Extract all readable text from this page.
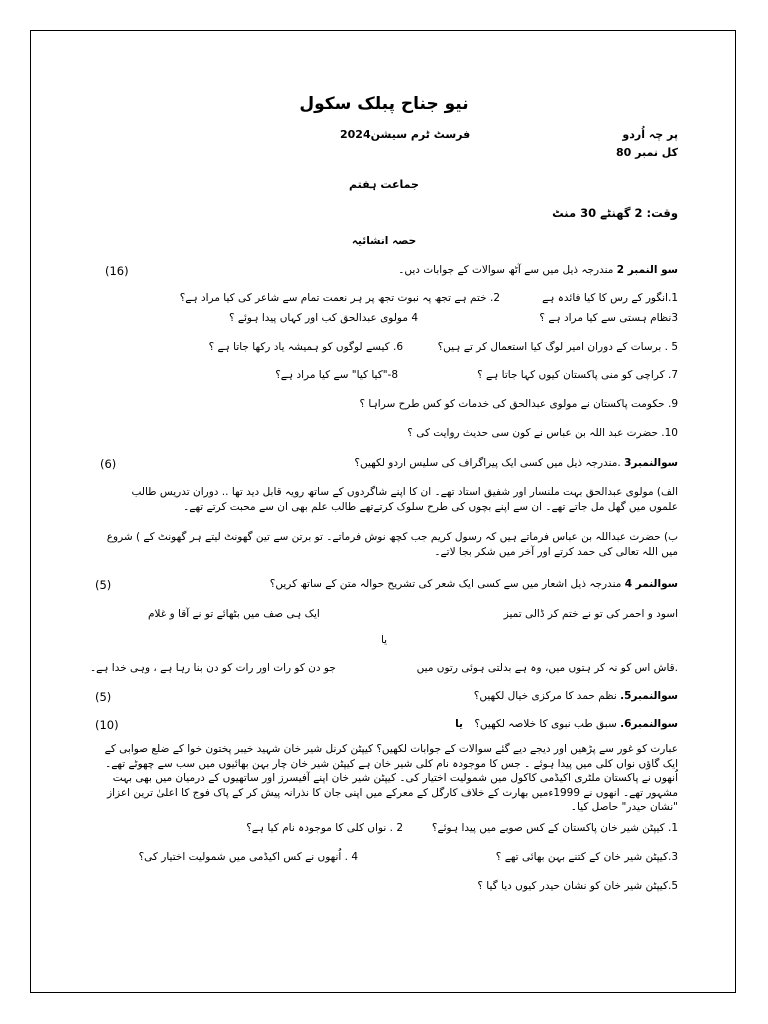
نیو جناح پبلک سکول
پر چہ اُردو
فرسٹ ٹرم سیشن2024
کل نمبر 80
جماعت ہفتم
وقت: 2 گھنٹے 30 منٹ
حصہ انشائیہ
سو النمبر 2 مندرجہ ذیل میں سے آٹھ سوالات کے جوابات دیں۔
(16)
1.انگور کے رس کا کیا فائدہ ہے
2. ختم ہے تجھ پہ نبوت تجھ پر ہر نعمت تمام سے شاعر کی کیا مراد ہے؟
3نظام ہستی سے کیا مراد ہے ؟
4 مولوی عبدالحق کب اور کہاں پیدا ہوئے ؟
5 . برسات کے دوران امیر لوگ کیا استعمال کر تے ہیں؟
6. کیسے لوگوں کو ہمیشہ یاد رکھا جاتا ہے ؟
7. کراچی کو منی پاکستان کیوں کہا جاتا ہے ؟
8-"کیا کیا" سے کیا مراد ہے؟
9. حکومت پاکستان نے مولوی عبدالحق کی خدمات کو کس طرح سراہا ؟
10. حضرت عبد اللہ بن عباس نے کون سی حدیث روایت کی ؟
سوالنمبر3 .مندرجہ ذیل میں کسی ایک پیراگراف کی سلیس اردو لکھیں؟
(6)
الف) مولوی عبدالحق بہت ملنسار اور شفیق استاد تھے۔ ان کا اپنے شاگردوں کے ساتھ رویہ قابل دید تھا .. دوران تدریس طالب علموں میں گھل مل جاتے تھے۔ ان سے اپنے بچوں کی طرح سلوک کرتےتھے طالب علم بھی ان سے محبت کرتے تھے۔
ب) حضرت عبداللہ بن عباس فرماتے ہیں کہ رسول کریم جب کچھ نوش فرماتے۔ تو برتن سے تین گھونٹ لیتے ہر گھونٹ کے ) شروع میں اللہ تعالی کی حمد کرتے اور آخر میں شکر بجا لاتے۔
سوالنمر 4 مندرجہ ذیل اشعار میں سے کسی ایک شعر کی تشریح حوالہ متن کے ساتھ کریں؟
(5)
اسود و احمر کی تو نے ختم کر ڈالی تمیز
ایک ہی صف میں بٹھائے تو نے آقا و غلام
یا
.قاش اس کو نہ کر ہتوں میں، وہ ہے بدلتی ہوئی رتوں میں
جو دن کو رات اور رات کو دن بنا رہا ہے ، وہی خدا ہے۔
سوالنمبر5. نظم حمد کا مرکزی خیال لکھیں؟
(5)
سوالنمبر6. سبق طب نبوی کا خلاصہ لکھیں؟ یا
(10)
عبارت کو غور سے پڑھیں اور دیجے دیے گئے سوالات کے جوابات لکھیں؟ کیپٹن کرنل شیر خان شہید خیبر پختون خوا کے ضلع صوابی کے ایک گاؤں نواں کلی میں پیدا ہوئے ۔ جس کا موجودہ نام کلی شیر خان ہے کیپٹن شیر خان چار بہن بھائیوں میں سب سے چھوٹے تھے۔ اُنھوں نے پاکستان ملٹری اکیڈمی کاکول میں شمولیت اختیار کی۔ کیپٹن شیر خان اپنے آفیسرز اور ساتھیوں کے درمیان میں بھی بہت مشہور تھے۔ انھوں نے 1999ءمیں بھارت کے خلاف کارگل کے معرکے میں اپنی جان کا نذرانہ پیش کر کے پاک فوج کا اعلیٰ ترین اعزاز "نشان حیدر" حاصل کیا۔
1. کیپٹن شیر خان پاکستان کے کس صوبے میں پیدا ہوئے؟
2 . نواں کلی کا موجودہ نام کیا ہے؟
3.کیپٹن شیر خان کے کتنے بہن بھائی تھے ؟
4 . اُنھوں نے کس اکیڈمی میں شمولیت اختیار کی؟
5.کیپٹن شیر خان کو نشان حیدر کیوں دیا گیا ؟
